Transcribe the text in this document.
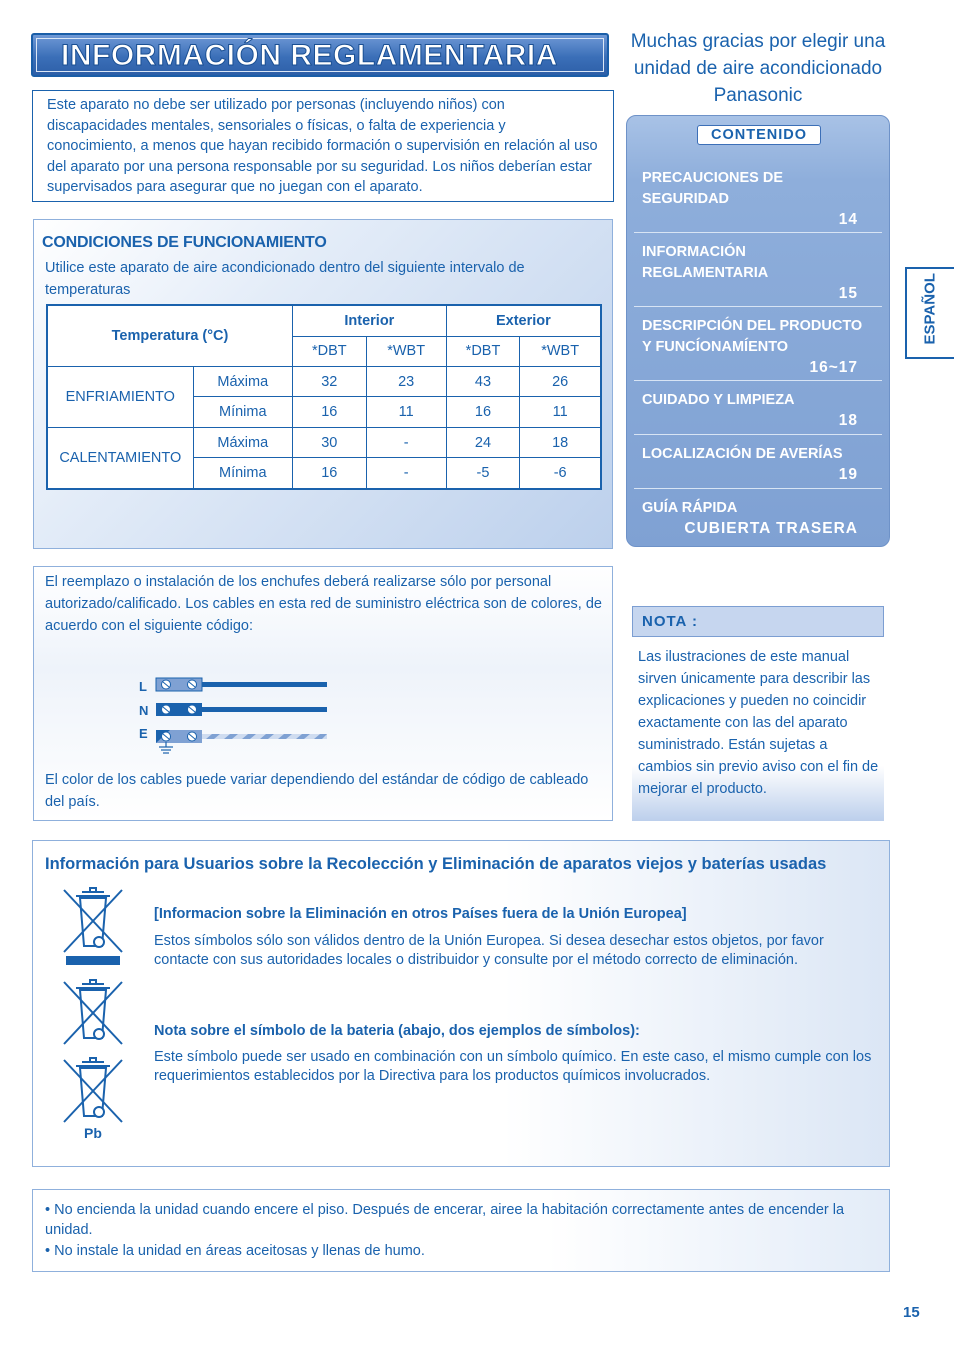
INFORMACIÓN REGLAMENTARIA	Muchas gracias por elegir una
unidad de aire acondicionado
Panasonic
Este aparato no debe ser utilizado por personas (incluyendo niños) con discapacidades mentales, sensoriales o físicas, o falta de experiencia y conocimiento, a menos que hayan recibido formación o supervisión en relación al uso del aparato por una persona responsable por su seguridad. Los niños deberían estar supervisados para asegurar que no juegan con el aparato.
CONDICIONES DE FUNCIONAMIENTO
Utilice este aparato de aire acondicionado dentro del siguiente intervalo de temperaturas
Temperatura (°C)		Interior		Exterior	
		*DBT	*WBT	*DBT	*WBT
ENFRIAMIENTO	Máxima	32	23	43	26
	Mínima	16	11	16	11
CALENTAMIENTO	Máxima	30	-	24	18
	Mínima	16	-	-5	-6
CONTENIDO
PRECAUCIONES DE
SEGURIDAD
14
INFORMACIÓN
REGLAMENTARIA
15
DESCRIPCIÓN DEL PRODUCTO
Y FUNCÍONAMÍENTO
16~17
CUIDADO Y LIMPIEZA
18
LOCALIZACIÓN DE AVERÍAS
19
GUÍA RÁPIDA
CUBIERTA TRASERA
ESPAÑOL
El reemplazo o instalación de los enchufes deberá realizarse sólo por personal autorizado/calificado. Los cables en esta red de suministro eléctrica son de colores, de acuerdo con el siguiente código:
L
N
E
El color de los cables puede variar dependiendo del estándar de código de cableado del país.
NOTA :
Las ilustraciones de este manual sirven únicamente para describir las explicaciones y pueden no coincidir exactamente con las del aparato suministrado. Están sujetas a cambios sin previo aviso con el fin de mejorar el producto.
Información para Usuarios sobre la Recolección y Eliminación de aparatos viejos y baterías usadas
Pb
[Informacion sobre la Eliminación en otros Países fuera de la Unión Europea]
Estos símbolos sólo son válidos dentro de la Unión Europea. Si desea desechar estos objetos, por favor contacte con sus autoridades locales o distribuidor y consulte por el método correcto de eliminación.
Nota sobre el símbolo de la bateria (abajo, dos ejemplos de símbolos):
Este símbolo puede ser usado en combinación con un símbolo químico. En este caso, el mismo cumple con los requerimientos establecidos por la Directiva para los productos químicos involucrados.
• No encienda la unidad cuando encere el piso. Después de encerar, airee la habitación correctamente antes de encender la unidad.
• No instale la unidad en áreas aceitosas y llenas de humo.
15
